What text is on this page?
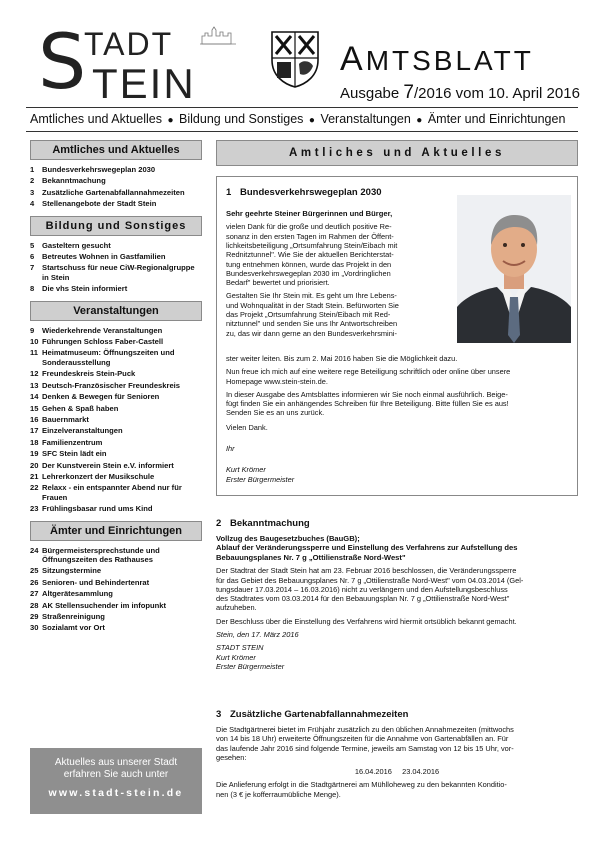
S
TADT
TEIN
AMTSBLATT
Ausgabe 7/2016 vom 10. April 2016
Amtliches und Aktuelles ● Bildung und Sonstiges ● Veranstaltungen ● Ämter und Einrichtungen
Amtliches und Aktuelles
1	Bundesverkehrswegeplan 2030
2	Bekanntmachung
3	Zusätzliche Gartenabfallannahmezeiten
4	Stellenangebote der Stadt Stein
Bildung und Sonstiges
5	Gasteltern gesucht
6	Betreutes Wohnen in Gastfamilien
7	Startschuss für neue CiW-Regionalgruppe in Stein
8	Die vhs Stein informiert
Veranstaltungen
9	Wiederkehrende Veranstaltungen
10 Führungen Schloss Faber-Castell
11 Heimatmuseum: Öffnungszeiten und Sonderausstellung
12 Freundeskreis Stein-Puck
13 Deutsch-Französischer Freundeskreis
14 Denken & Bewegen für Senioren
15 Gehen & Spaß haben
16 Bauernmarkt
17 Einzelveranstaltungen
18 Familienzentrum
19 SFC Stein lädt ein
20 Der Kunstverein Stein e.V. informiert
21 Lehrerkonzert der Musikschule
22 Relaxx - ein entspannter Abend nur für Frauen
23 Frühlingsbasar rund ums Kind
Ämter und Einrichtungen
24 Bürgermeistersprechstunde und Öffnungszeiten des Rathauses
25 Sitzungstermine
26 Senioren- und Behindertenrat
27 Altgerätesammlung
28 AK Stellensuchender im infopunkt
29 Straßenreinigung
30 Sozialamt vor Ort
Aktuelles aus unserer Stadt
erfahren Sie auch unter
www.stadt-stein.de
Amtliches und Aktuelles
1 Bundesverkehrswegeplan 2030
Sehr geehrte Steiner Bürgerinnen und Bürger,
vielen Dank für die große und deutlich positive Re-
sonanz in den ersten Tagen im Rahmen der Öffent-
lichkeitsbeteiligung „Ortsumfahrung Stein/Eibach mit
Rednitztunnel". Wie Sie der aktuellen Berichterstat-
tung entnehmen können, wurde das Projekt in den
Bundesverkehrswegeplan 2030 im „Vordringlichen
Bedarf" bewertet und priorisiert.
Gestalten Sie Ihr Stein mit. Es geht um Ihre Lebens-
und Wohnqualität in der Stadt Stein. Befürworten Sie
das Projekt „Ortsumfahrung Stein/Eibach mit Red-
nitztunnel" und senden Sie uns Ihr Antwortschreiben
zu, das wir dann gerne an den Bundesverkehrsmini-
ster weiter leiten. Bis zum 2. Mai 2016 haben Sie die Möglichkeit dazu.
Nun freue ich mich auf eine weitere rege Beteiligung schriftlich oder online über unsere
Homepage www.stein-stein.de.
In dieser Ausgabe des Amtsblattes informieren wir Sie noch einmal ausführlich. Beige-
fügt finden Sie ein anhängendes Schreiben für Ihre Beteiligung. Bitte füllen Sie es aus!
Senden Sie es an uns zurück.
Vielen Dank.
Ihr
Kurt Krömer
Erster Bürgermeister
2 Bekanntmachung
Vollzug des Baugesetzbuches (BauGB);
Ablauf der Veränderungssperre und Einstellung des Verfahrens zur Aufstellung des
Bebauungsplanes Nr. 7 g „Ottilienstraße Nord-West"
Der Stadtrat der Stadt Stein hat am 23. Februar 2016 beschlossen, die Veränderungssperre
für das Gebiet des Bebauungsplanes Nr. 7 g „Ottilienstraße Nord-West" vom 04.03.2014 (Gel-
tungsdauer 17.03.2014 – 16.03.2016) nicht zu verlängern und den Aufstellungsbeschluss
des Stadtrates vom 03.03.2014 für den Bebauungsplan Nr. 7 g „Ottilienstraße Nord-West"
aufzuheben.
Der Beschluss über die Einstellung des Verfahrens wird hiermit ortsüblich bekannt gemacht.
Stein, den 17. März 2016
STADT STEIN
Kurt Krömer
Erster Bürgermeister
3 Zusätzliche Gartenabfallannahmezeiten
Die Stadtgärtnerei bietet im Frühjahr zusätzlich zu den üblichen Annahmezeiten (mittwochs
von 14 bis 18 Uhr) erweiterte Öffnungszeiten für die Annahme von Gartenabfällen an. Für
das laufende Jahr 2016 sind folgende Termine, jeweils am Samstag von 12 bis 15 Uhr, vor-
gesehen:
16.04.2016     23.04.2016
Die Anlieferung erfolgt in die Stadtgärtnerei am Mühlloheweg zu den bekannten Konditio-
nen (3 € je kofferraumübliche Menge).
